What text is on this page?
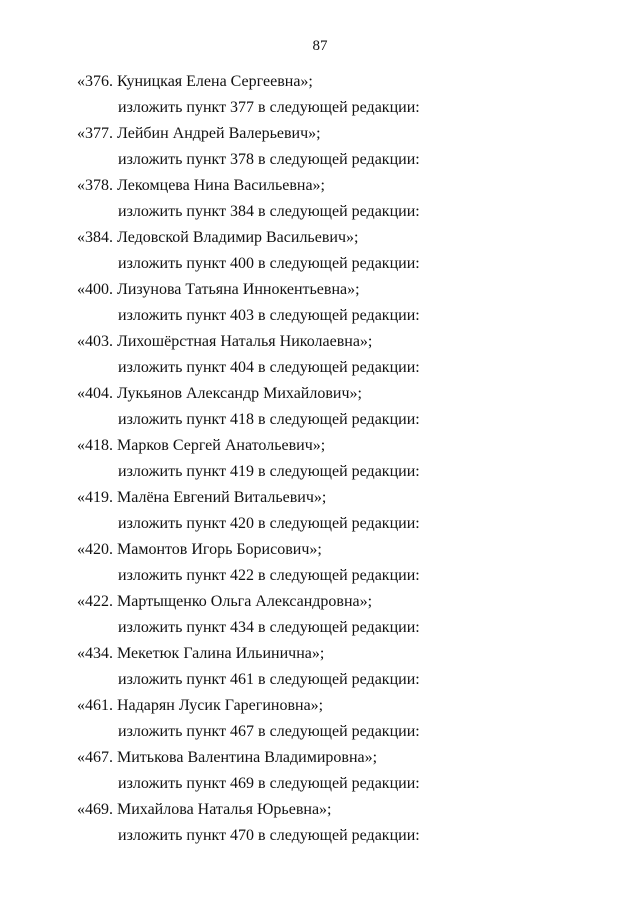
87
«376. Куницкая Елена Сергеевна»;
изложить пункт 377 в следующей редакции:
«377. Лейбин Андрей Валерьевич»;
изложить пункт 378 в следующей редакции:
«378. Лекомцева Нина Васильевна»;
изложить пункт 384 в следующей редакции:
«384. Ледовской Владимир Васильевич»;
изложить пункт 400 в следующей редакции:
«400. Лизунова Татьяна Иннокентьевна»;
изложить пункт 403 в следующей редакции:
«403. Лихошёрстная Наталья Николаевна»;
изложить пункт 404 в следующей редакции:
«404. Лукьянов Александр Михайлович»;
изложить пункт 418 в следующей редакции:
«418. Марков Сергей Анатольевич»;
изложить пункт 419 в следующей редакции:
«419. Малёна Евгений Витальевич»;
изложить пункт 420 в следующей редакции:
«420. Мамонтов Игорь Борисович»;
изложить пункт 422 в следующей редакции:
«422. Мартыщенко Ольга Александровна»;
изложить пункт 434 в следующей редакции:
«434. Мекетюк Галина Ильинична»;
изложить пункт 461 в следующей редакции:
«461. Надарян Лусик Гарегиновна»;
изложить пункт 467 в следующей редакции:
«467. Митькова Валентина Владимировна»;
изложить пункт 469 в следующей редакции:
«469. Михайлова Наталья Юрьевна»;
изложить пункт 470 в следующей редакции:
